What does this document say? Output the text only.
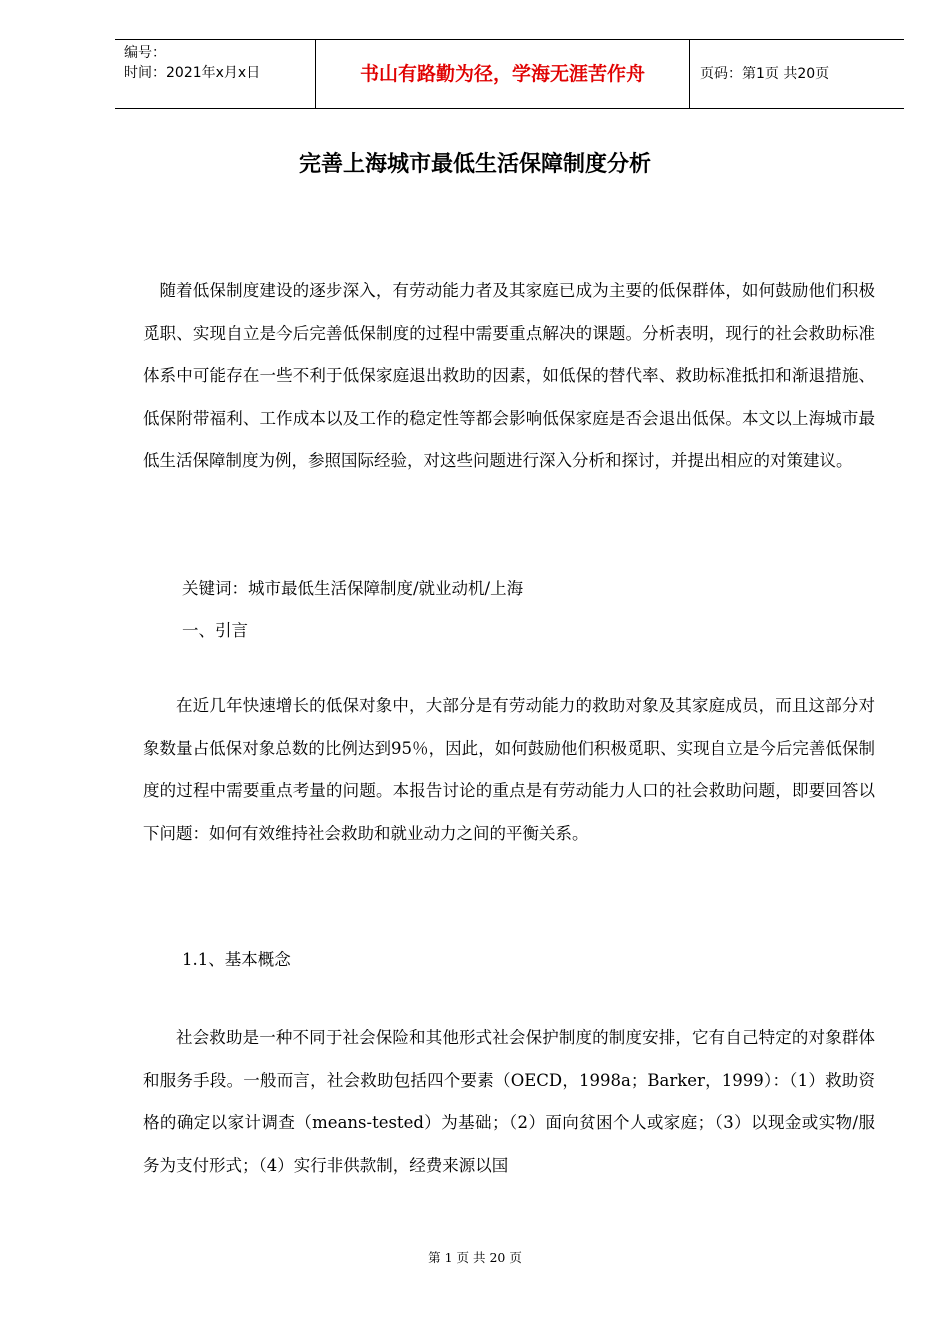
编号：
时间：2021年x月x日	书山有路勤为径，学海无涯苦作舟	页码：第1页 共20页
完善上海城市最低生活保障制度分析

随着低保制度建设的逐步深入，有劳动能力者及其家庭已成为主要的低保群体，如何鼓励他们积极觅职、实现自立是今后完善低保制度的过程中需要重点解决的课题。分析表明，现行的社会救助标准体系中可能存在一些不利于低保家庭退出救助的因素，如低保的替代率、救助标准抵扣和渐退措施、低保附带福利、工作成本以及工作的稳定性等都会影响低保家庭是否会退出低保。本文以上海城市最低生活保障制度为例，参照国际经验，对这些问题进行深入分析和探讨，并提出相应的对策建议。

关键词：城市最低生活保障制度/就业动机/上海

一、引言

在近几年快速增长的低保对象中，大部分是有劳动能力的救助对象及其家庭成员，而且这部分对象数量占低保对象总数的比例达到95％，因此，如何鼓励他们积极觅职、实现自立是今后完善低保制度的过程中需要重点考量的问题。本报告讨论的重点是有劳动能力人口的社会救助问题，即要回答以下问题：如何有效维持社会救助和就业动力之间的平衡关系。

1.1、基本概念

社会救助是一种不同于社会保险和其他形式社会保护制度的制度安排，它有自己特定的对象群体和服务手段。一般而言，社会救助包括四个要素（OECD，1998a；Barker，1999）：（1）救助资格的确定以家计调查（means-tested）为基础；（2）面向贫困个人或家庭；（3）以现金或实物/服务为支付形式；（4）实行非供款制，经费来源以国

第 1 页 共 20 页
